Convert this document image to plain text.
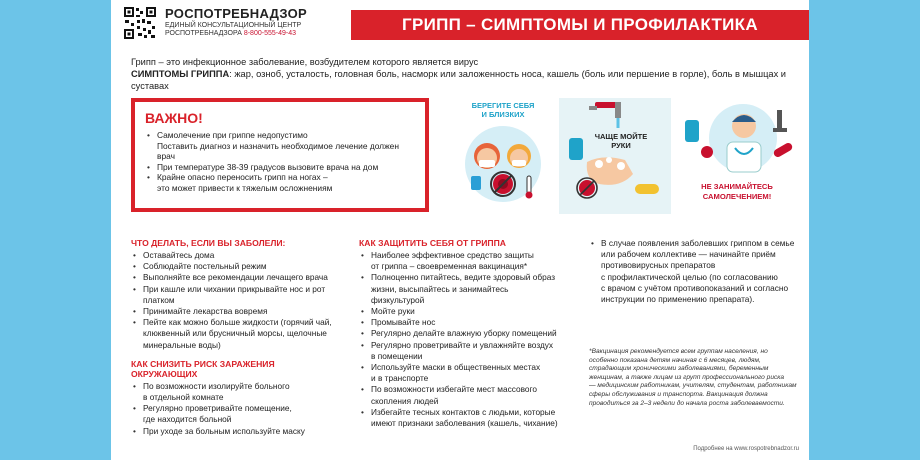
РОСПОТРЕБНАДЗОР
ЕДИНЫЙ КОНСУЛЬТАЦИОННЫЙ ЦЕНТР
РОСПОТРЕБНАДЗОРА 8-800-555-49-43	ГРИПП – СИМПТОМЫ И ПРОФИЛАКТИКА
Грипп – это инфекционное заболевание, возбудителем которого является вирус
СИМПТОМЫ ГРИППА: жар, озноб, усталость, головная боль, насморк или заложенность носа, кашель (боль или першение в горле), боль в мышцах и суставах
ВАЖНО!
• Самолечение при гриппе недопустимо
Поставить диагноз и назначить необходимое лечение должен врач
• При температуре 38-39 градусов вызовите врача на дом
• Крайне опасно переносить грипп на ногах –
это может привести к тяжелым осложнениям
БЕРЕГИТЕ СЕБЯ
И БЛИЗКИХ
ЧАЩЕ МОЙТЕ
РУКИ
НЕ ЗАНИМАЙТЕСЬ
САМОЛЕЧЕНИЕМ!
ЧТО ДЕЛАТЬ, ЕСЛИ ВЫ ЗАБОЛЕЛИ:
• Оставайтесь дома
• Соблюдайте постельный режим
• Выполняйте все рекомендации лечащего врача
• При кашле или чихании прикрывайте нос и рот
платком
• Принимайте лекарства вовремя
• Пейте как можно больше жидкости (горячий чай,
клюквенный или брусничный морсы, щелочные
минеральные воды)
КАК СНИЗИТЬ РИСК ЗАРАЖЕНИЯ ОКРУЖАЮЩИХ
• По возможности изолируйте больного
в отдельной комнате
• Регулярно проветривайте помещение,
где находится больной
• При уходе за больным используйте маску
КАК ЗАЩИТИТЬ СЕБЯ ОТ ГРИППА
• Наиболее эффективное средство защиты
от гриппа – своевременная вакцинация*
• Полноценно питайтесь, ведите здоровый образ
жизни, высыпайтесь и занимайтесь
физкультурой
• Мойте руки
• Промывайте нос
• Регулярно делайте влажную уборку помещений
• Регулярно проветривайте и увлажняйте воздух
в помещении
• Используйте маски в общественных местах
и в транспорте
• По возможности избегайте мест массового
скопления людей
• Избегайте тесных контактов с людьми, которые
имеют признаки заболевания (кашель, чихание)
• В случае появления заболевших гриппом в семье
или рабочем коллективе — начинайте приём
противовирусных препаратов
с профилактической целью (по согласованию
с врачом с учётом противопоказаний и согласно
инструкции по применению препарата).
*Вакцинация рекомендуется всем группам населения, но
особенно показана детям начиная с 6 месяцев, людям,
страдающим хроническими заболеваниями, беременным
женщинам, а также лицам из групп профессионального риска
— медицинским работникам, учителям, студентам, работникам
сферы обслуживания и транспорта. Вакцинация должна
проводиться за 2–3 недели до начала роста заболеваемости.
Подробнее на www.rospotrebnadzor.ru
